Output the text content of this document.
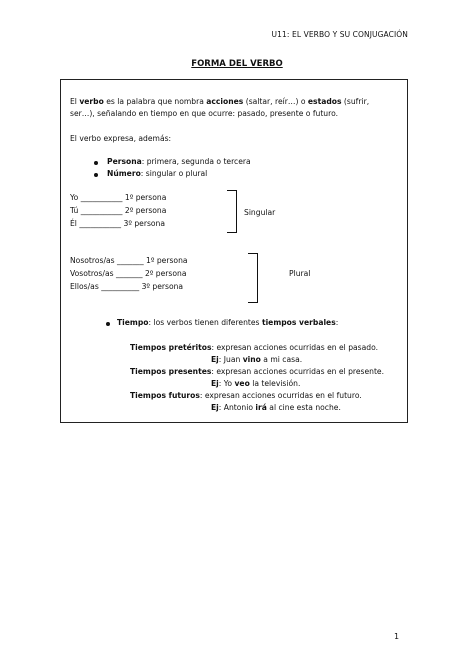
U11: EL VERBO Y SU CONJUGACIÓN
FORMA DEL VERBO
El verbo es la palabra que nombra acciones (saltar, reír…) o estados (sufrir,
ser…), señalando en tiempo en que ocurre: pasado, presente o futuro.
El verbo expresa, además:
Persona: primera, segunda o tercera
Número: singular o plural
Yo ___________ 1º persona
Tú ___________ 2º persona
Él ___________ 3º persona
Singular
Nosotros/as _______ 1º persona
Vosotros/as _______ 2º persona
Ellos/as __________ 3º persona
Plural
Tiempo: los verbos tienen diferentes tiempos verbales:
Tiempos pretéritos: expresan acciones ocurridas en el pasado.
Ej: Juan vino a mi casa.
Tiempos presentes: expresan acciones ocurridas en el presente.
Ej: Yo veo la televisión.
Tiempos futuros: expresan acciones ocurridas en el futuro.
Ej: Antonio irá al cine esta noche.
1
